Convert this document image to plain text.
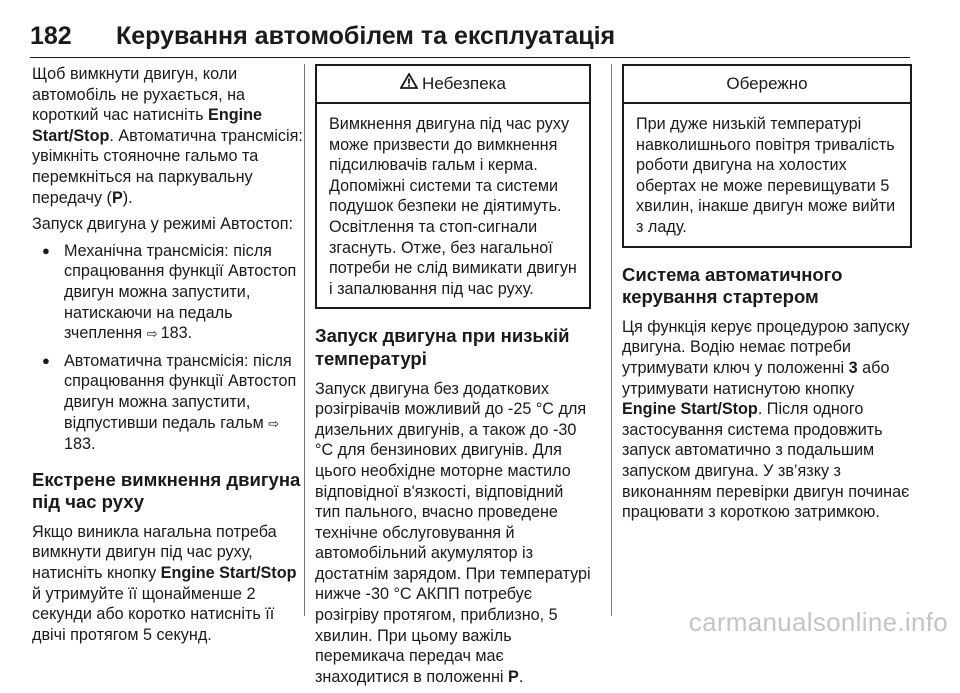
182	Керування автомобілем та експлуатація

Щоб вимкнути двигун, коли автомобіль не рухається, на короткий час натисніть Engine Start/Stop. Автоматична трансмісія: увімкніть стояночне гальмо та перемкніться на паркувальну передачу (P).

Запуск двигуна у режимі Автостоп:

● Механічна трансмісія: після спрацювання функції Автостоп двигун можна запустити, натискаючи на педаль зчеплення ⇨ 183.
● Автоматична трансмісія: після спрацювання функції Автостоп двигун можна запустити, відпустивши педаль гальм ⇨183.
Екстрене вимкнення двигуна під час руху

Якщо виникла нагальна потреба вимкнути двигун під час руху, натисніть кнопку Engine Start/Stop й утримуйте її щонайменше 2 секунди або коротко натисніть її двічі протягом 5 секунд.

Небезпека
Вимкнення двигуна під час руху може призвести до вимкнення підсилювачів гальм і керма. Допоміжні системи та системи подушок безпеки не діятимуть. Освітлення та стоп-сигнали згаснуть. Отже, без нагальної потреби не слід вимикати двигун і запалювання під час руху.
Запуск двигуна при низькій температурі

Запуск двигуна без додаткових розігрівачів можливий до -25 °C для дизельних двигунів, а також до -30 °C для бензинових двигунів. Для цього необхідне моторне мастило відповідної в'язкості, відповідний тип пального, вчасно проведене технічне обслуговування й автомобільний акумулятор із достатнім зарядом. При температурі нижче -30 °C АКПП потребує розігріву протягом, приблизно, 5 хвилин. При цьому важіль перемикача передач має знаходитися в положенні P.

Обережно
При дуже низькій температурі навколишнього повітря тривалість роботи двигуна на холостих обертах не може перевищувати 5 хвилин, інакше двигун може вийти з ладу.
Система автоматичного керування стартером

Ця функція керує процедурою запуску двигуна. Водію немає потреби утримувати ключ у положенні 3 або утримувати натиснутою кнопку Engine Start/Stop. Після одного застосування система продовжить запуск автоматично з подальшим запуском двигуна. У зв’язку з виконанням перевірки двигун починає працювати з короткою затримкою.

carmanualsonline.info
